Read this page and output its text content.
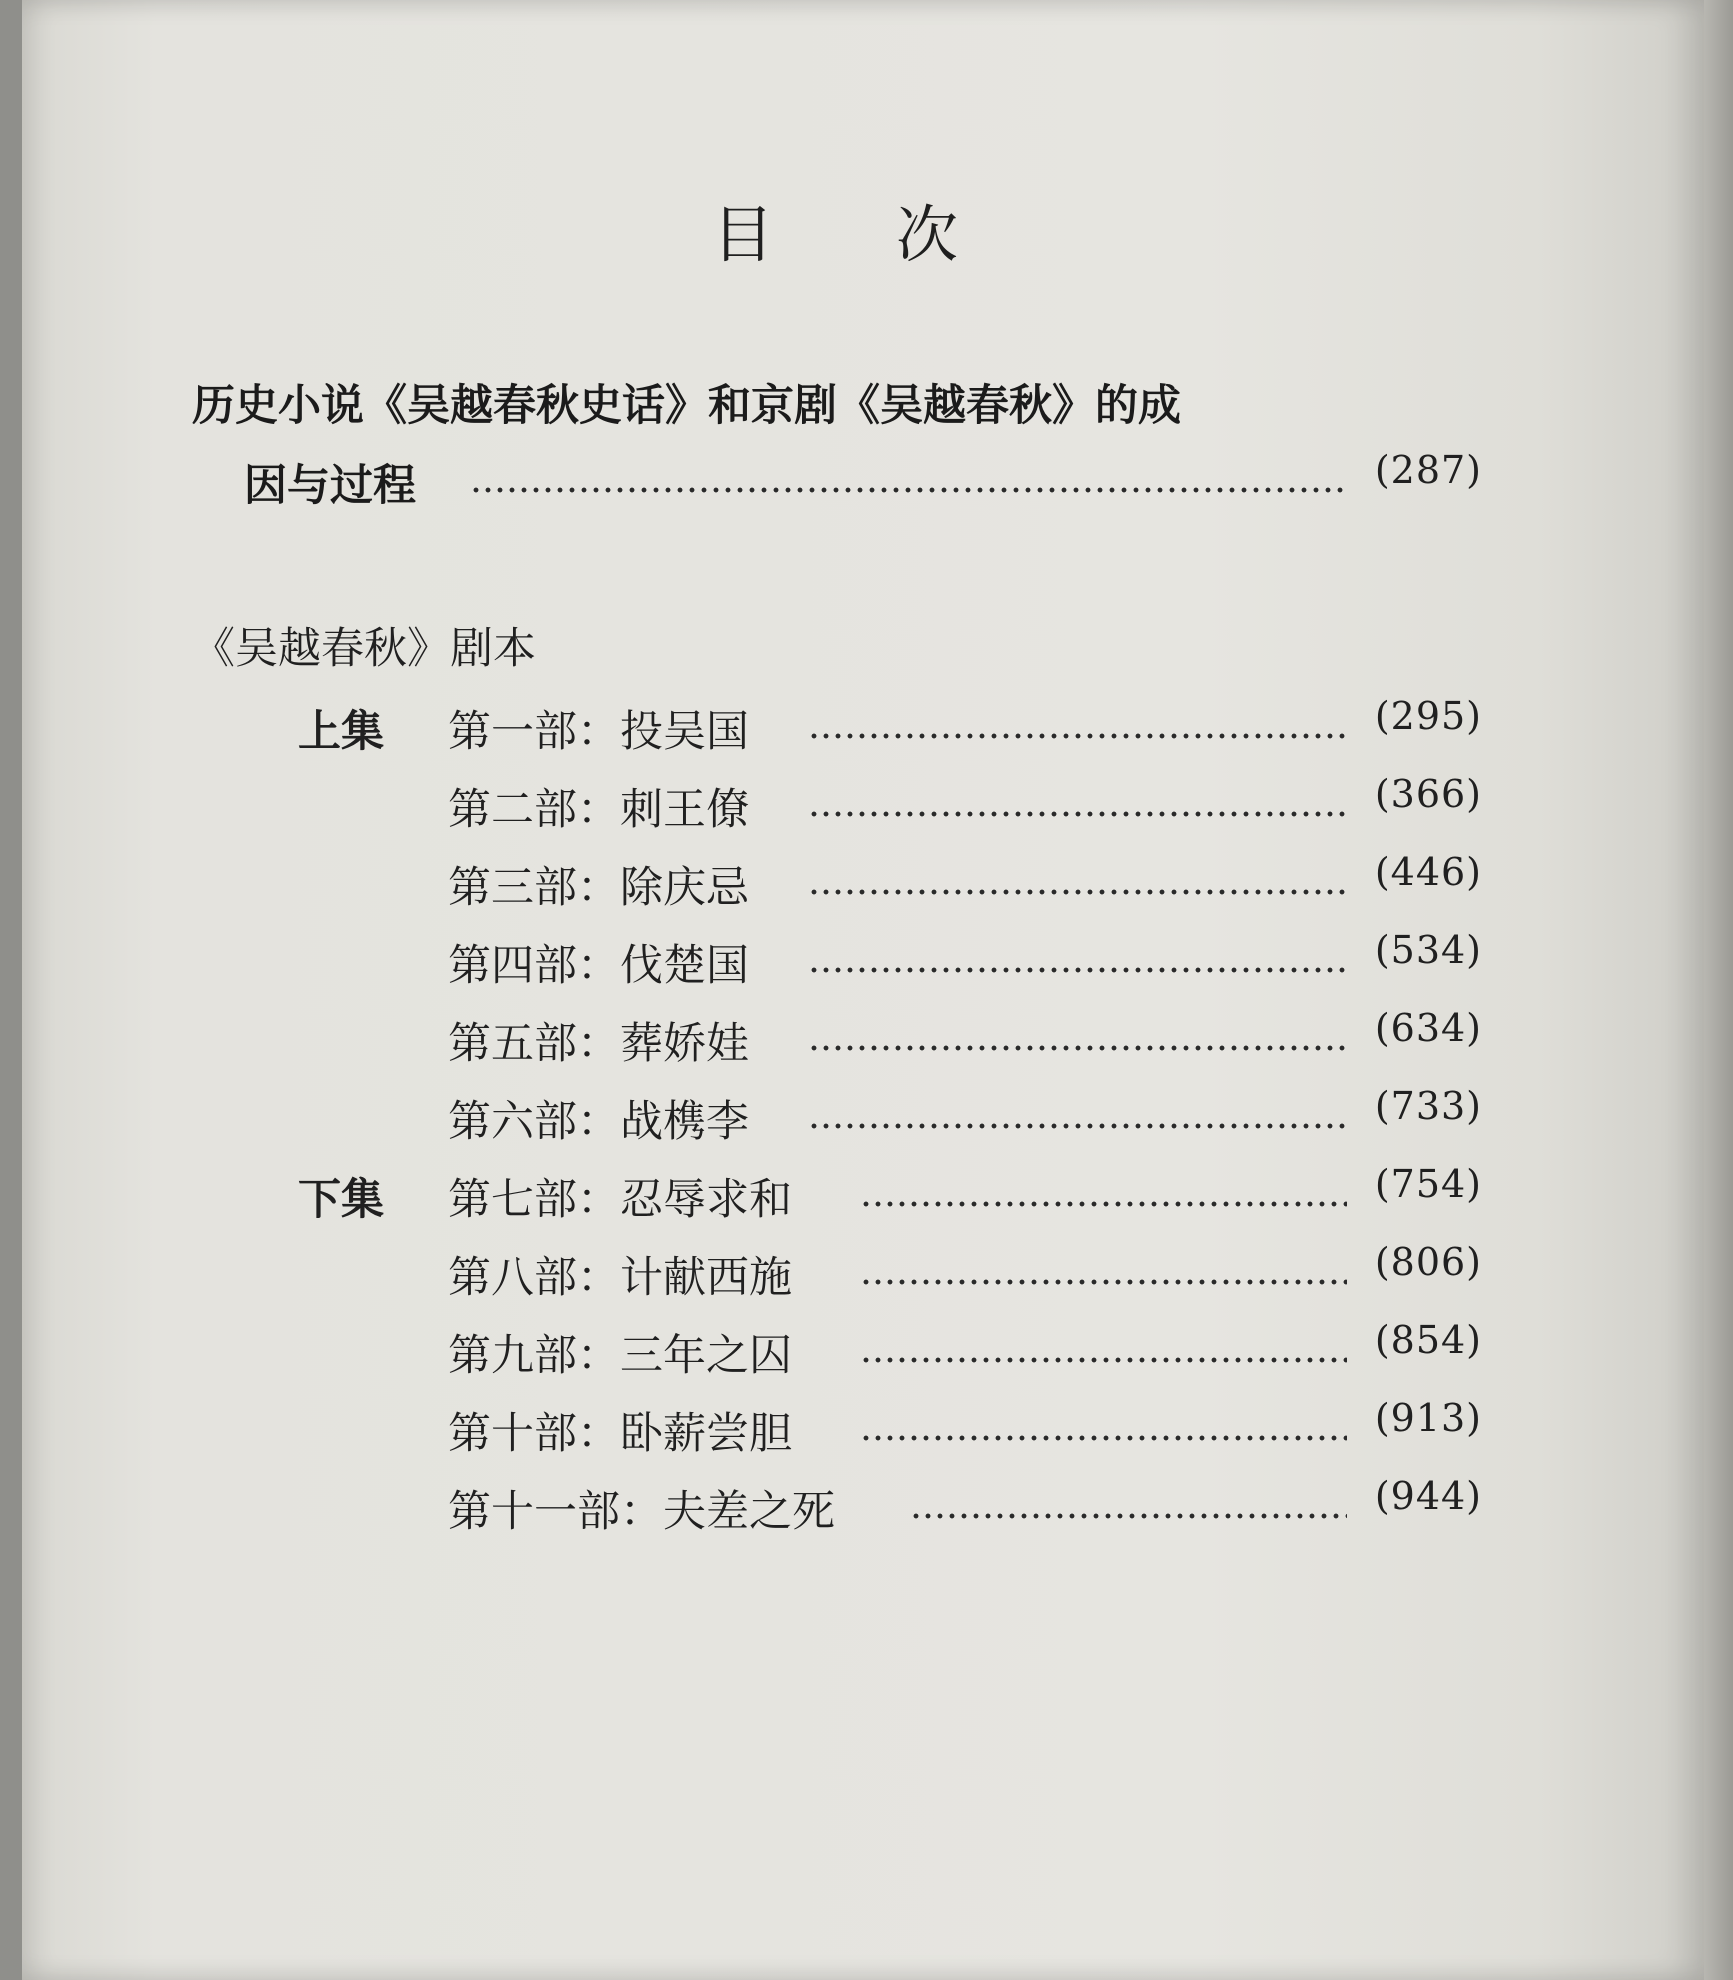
目 次
历史小说《吴越春秋史话》和京剧《吴越春秋》的成
因与过程	(287)
《吴越春秋》剧本
上集 第一部：投吴国	(295)
第二部：刺王僚	(366)
第三部：除庆忌	(446)
第四部：伐楚国	(534)
第五部：葬娇娃	(634)
第六部：战槜李	(733)
下集 第七部：忍辱求和	(754)
第八部：计献西施	(806)
第九部：三年之囚	(854)
第十部：卧薪尝胆	(913)
第十一部：夫差之死	(944)
